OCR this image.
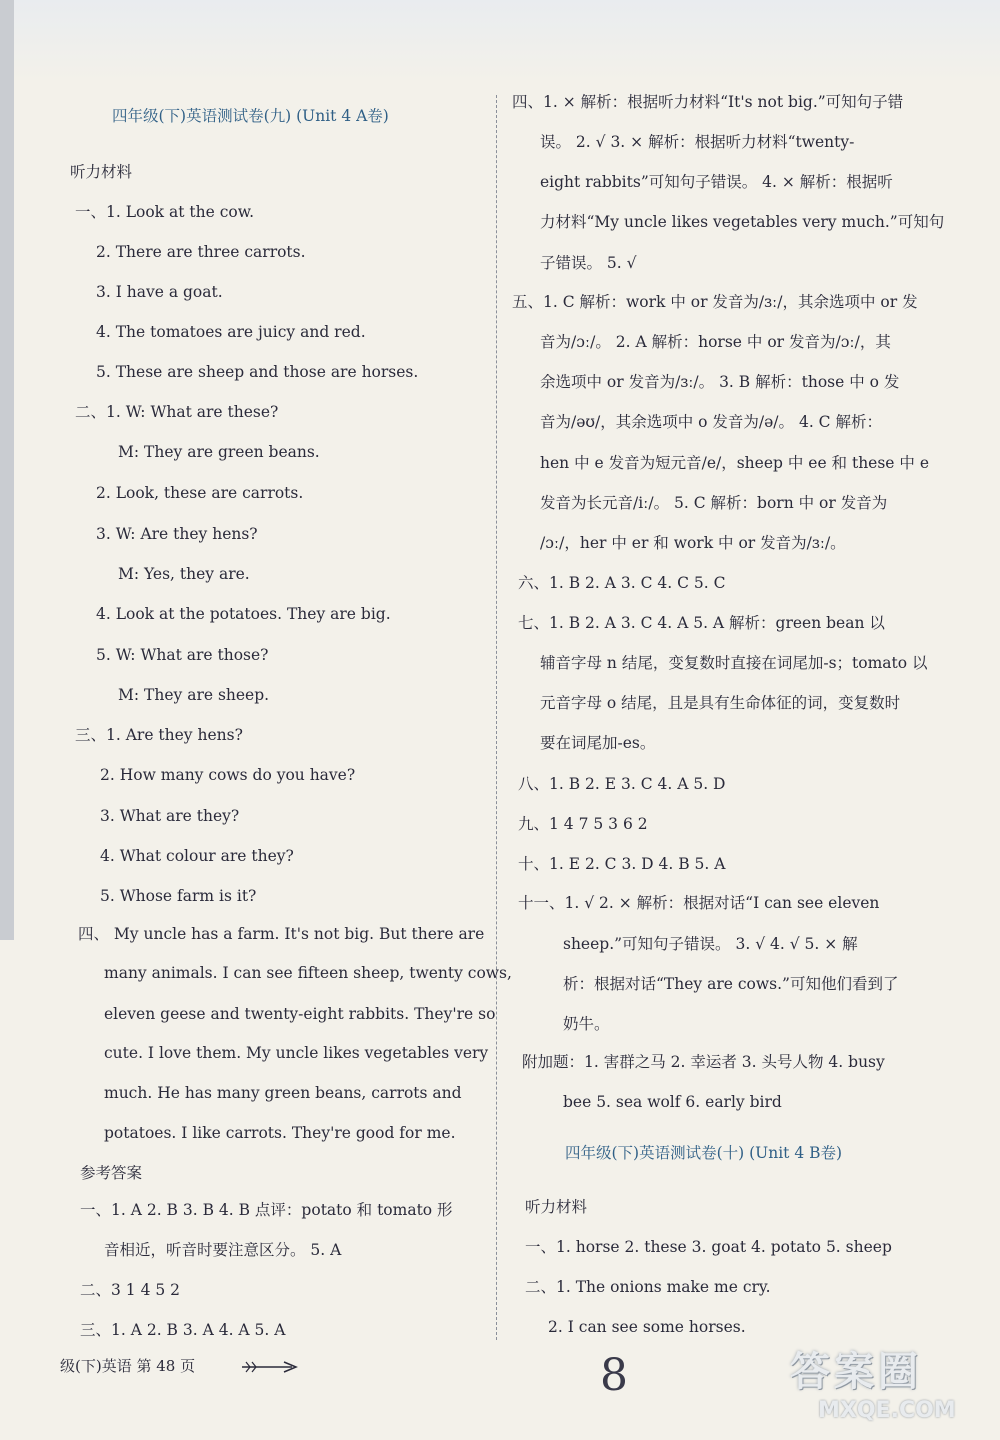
四年级(下)英语测试卷(九) (Unit 4 A卷)
听力材料
一、1. Look at the cow.
2. There are three carrots.
3. I have a goat.
4. The tomatoes are juicy and red.
5. These are sheep and those are horses.
二、1. W: What are these?
M: They are green beans.
2. Look, these are carrots.
3. W: Are they hens?
M: Yes, they are.
4. Look at the potatoes. They are big.
5. W: What are those?
M: They are sheep.
三、1. Are they hens?
2. How many cows do you have?
3. What are they?
4. What colour are they?
5. Whose farm is it?
四、 My uncle has a farm. It's not big. But there are
many animals. I can see fifteen sheep, twenty cows,
eleven geese and twenty-eight rabbits. They're so
cute. I love them. My uncle likes vegetables very
much. He has many green beans, carrots and
potatoes. I like carrots. They're good for me.
参考答案
一、1. A 2. B 3. B 4. B 点评：potato 和 tomato 形
音相近，听音时要注意区分。 5. A
二、3 1 4 5 2
三、1. A 2. B 3. A 4. A 5. A
四、1. × 解析：根据听力材料“It's not big.”可知句子错
误。 2. √ 3. × 解析：根据听力材料“twenty-
eight rabbits”可知句子错误。 4. × 解析：根据听
力材料“My uncle likes vegetables very much.”可知句
子错误。 5. √
五、1. C 解析：work 中 or 发音为/ɜː/，其余选项中 or 发
音为/ɔː/。 2. A 解析：horse 中 or 发音为/ɔː/，其
余选项中 or 发音为/ɜː/。 3. B 解析：those 中 o 发
音为/əʊ/，其余选项中 o 发音为/ə/。 4. C 解析：
hen 中 e 发音为短元音/e/，sheep 中 ee 和 these 中 e
发音为长元音/iː/。 5. C 解析：born 中 or 发音为
/ɔː/，her 中 er 和 work 中 or 发音为/ɜː/。
六、1. B 2. A 3. C 4. C 5. C
七、1. B 2. A 3. C 4. A 5. A 解析：green bean 以
辅音字母 n 结尾，变复数时直接在词尾加-s；tomato 以
元音字母 o 结尾，且是具有生命体征的词，变复数时
要在词尾加-es。
八、1. B 2. E 3. C 4. A 5. D
九、1 4 7 5 3 6 2
十、1. E 2. C 3. D 4. B 5. A
十一、1. √ 2. × 解析：根据对话“I can see eleven
sheep.”可知句子错误。 3. √ 4. √ 5. × 解
析：根据对话“They are cows.”可知他们看到了
奶牛。
附加题：1. 害群之马 2. 幸运者 3. 头号人物 4. busy
bee 5. sea wolf 6. early bird
四年级(下)英语测试卷(十) (Unit 4 B卷)
听力材料
一、1. horse 2. these 3. goat 4. potato 5. sheep
二、1. The onions make me cry.
2. I can see some horses.
级(下)英语 第 48 页	8	答案圈
MXQE.COM
